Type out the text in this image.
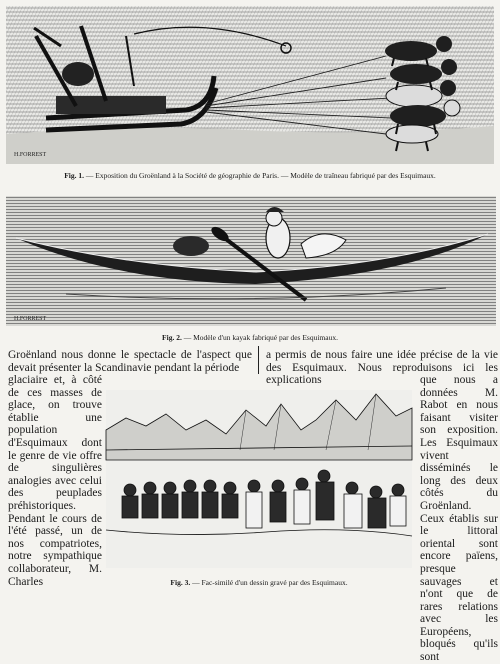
H.FORREST
Fig. 1. — Exposition du Groënland à la Société de géographie de Paris. — Modèle de traîneau fabriqué par des Esquimaux.
H.FORREST
Fig. 2. — Modèle d'un kayak fabriqué par des Esquimaux.

Groënland nous donne le spectacle de l'aspect que devait présenter la Scandinavie pendant la période

a permis de nous faire une idée précise de la vie des Esquimaux. Nous reproduisons ici les explications

glaciaire et, à côté de ces masses de glace, on trouve établie une population d'Esquimaux dont le genre de vie offre de singulières analogies avec celui des peuplades préhistoriques. Pendant le cours de l'été passé, un de nos compatriotes, notre sympathique collaborateur, M. Charles

que nous a données M. Rabot en nous faisant visiter son exposition. Les Esquimaux vivent disséminés le long des deux côtés du Groënland. Ceux établis sur le littoral oriental sont encore païens, presque sauvages et n'ont que de rares relations avec les Européens, bloqués qu'ils sont

Fig. 3. — Fac-similé d'un dessin gravé par des Esquimaux.
